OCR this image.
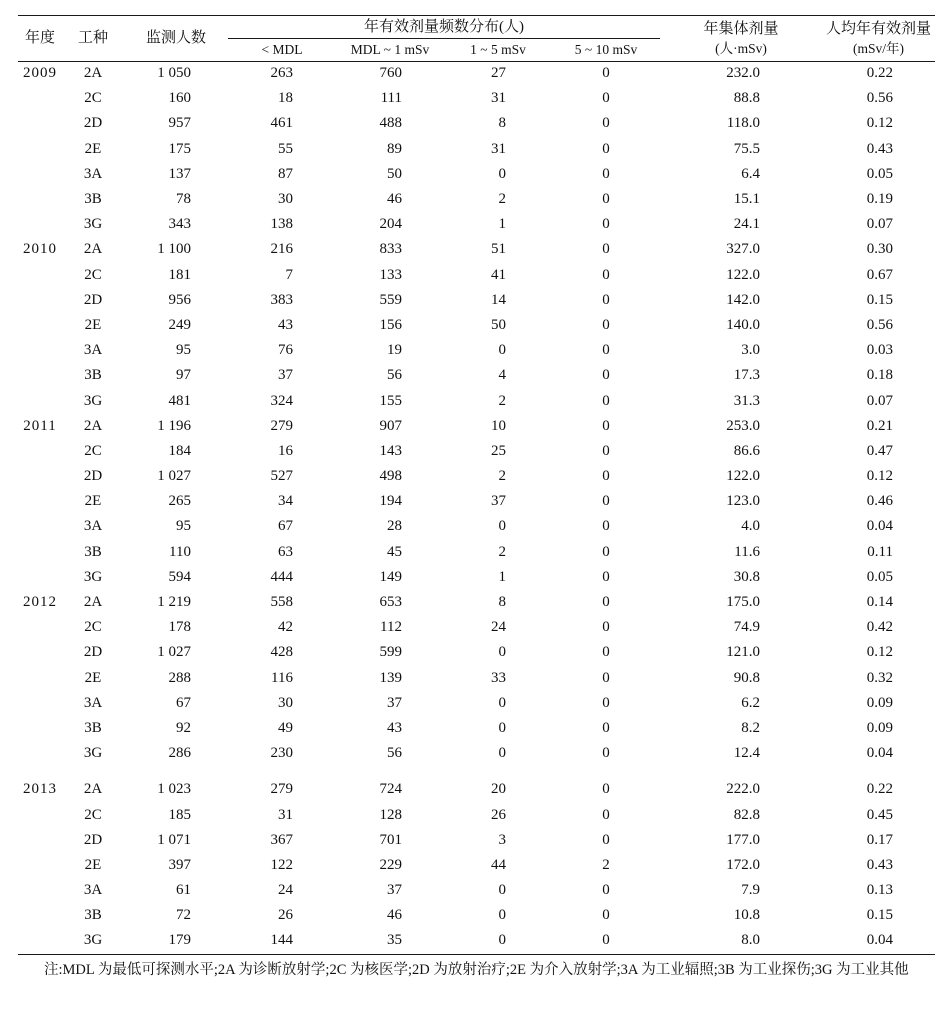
年度	工种	监测人数
年有效剂量频数分布(人)
< MDL	MDL ~ 1 mSv	1 ~ 5 mSv	5 ~ 10 mSv
年集体剂量
(人·mSv)
人均年有效剂量
(mSv/年)
2009	2A	1 050	263	760	27	0	232.0	0.22
2C	160	18	111	31	0	88.8	0.56
2D	957	461	488	8	0	118.0	0.12
2E	175	55	89	31	0	75.5	0.43
3A	137	87	50	0	0	6.4	0.05
3B	78	30	46	2	0	15.1	0.19
3G	343	138	204	1	0	24.1	0.07
2010	2A	1 100	216	833	51	0	327.0	0.30
2C	181	7	133	41	0	122.0	0.67
2D	956	383	559	14	0	142.0	0.15
2E	249	43	156	50	0	140.0	0.56
3A	95	76	19	0	0	3.0	0.03
3B	97	37	56	4	0	17.3	0.18
3G	481	324	155	2	0	31.3	0.07
2011	2A	1 196	279	907	10	0	253.0	0.21
2C	184	16	143	25	0	86.6	0.47
2D	1 027	527	498	2	0	122.0	0.12
2E	265	34	194	37	0	123.0	0.46
3A	95	67	28	0	0	4.0	0.04
3B	110	63	45	2	0	11.6	0.11
3G	594	444	149	1	0	30.8	0.05
2012	2A	1 219	558	653	8	0	175.0	0.14
2C	178	42	112	24	0	74.9	0.42
2D	1 027	428	599	0	0	121.0	0.12
2E	288	116	139	33	0	90.8	0.32
3A	67	30	37	0	0	6.2	0.09
3B	92	49	43	0	0	8.2	0.09
3G	286	230	56	0	0	12.4	0.04
2013	2A	1 023	279	724	20	0	222.0	0.22
2C	185	31	128	26	0	82.8	0.45
2D	1 071	367	701	3	0	177.0	0.17
2E	397	122	229	44	2	172.0	0.43
3A	61	24	37	0	0	7.9	0.13
3B	72	26	46	0	0	10.8	0.15
3G	179	144	35	0	0	8.0	0.04

注:MDL 为最低可探测水平;2A 为诊断放射学;2C 为核医学;2D 为放射治疗;2E 为介入放射学;3A 为工业辐照;3B 为工业探伤;3G 为工业其他
